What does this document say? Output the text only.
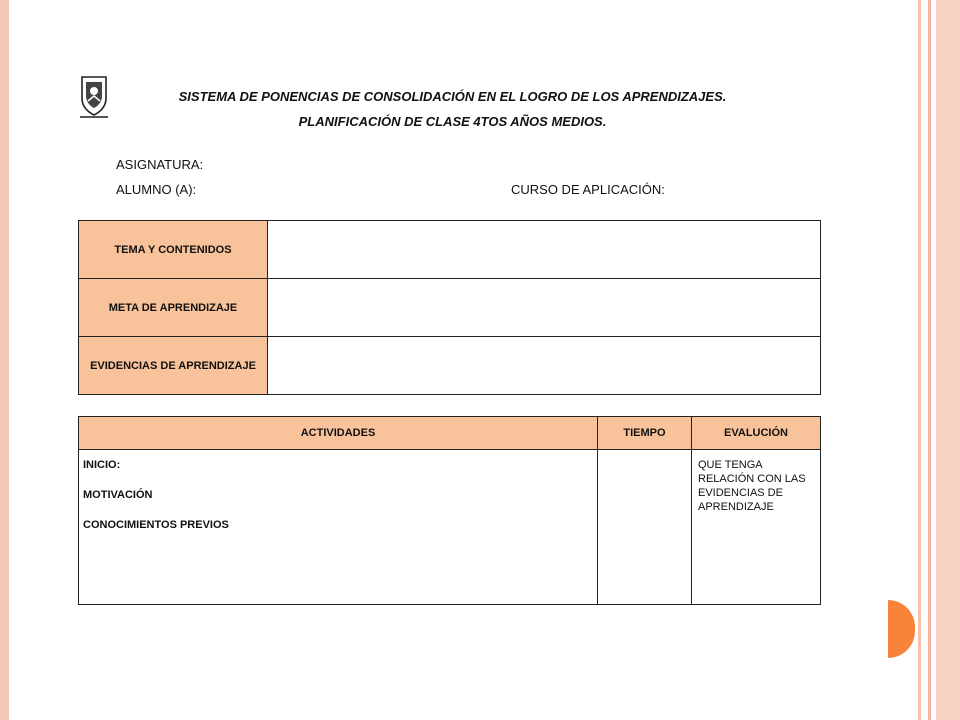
SISTEMA DE PONENCIAS DE CONSOLIDACIÓN EN EL LOGRO DE LOS APRENDIZAJES.
PLANIFICACIÓN DE CLASE 4TOS AÑOS MEDIOS.
ASIGNATURA:
ALUMNO (A):	CURSO DE APLICACIÓN:
TEMA Y CONTENIDOS	
META DE APRENDIZAJE	
EVIDENCIAS DE APRENDIZAJE	
ACTIVIDADES	TIEMPO	EVALUCIÓN

INICIO:
MOTIVACIÓN
CONOCIMIENTOS PREVIOS		QUE TENGA RELACIÓN CON LAS EVIDENCIAS DE APRENDIZAJE
